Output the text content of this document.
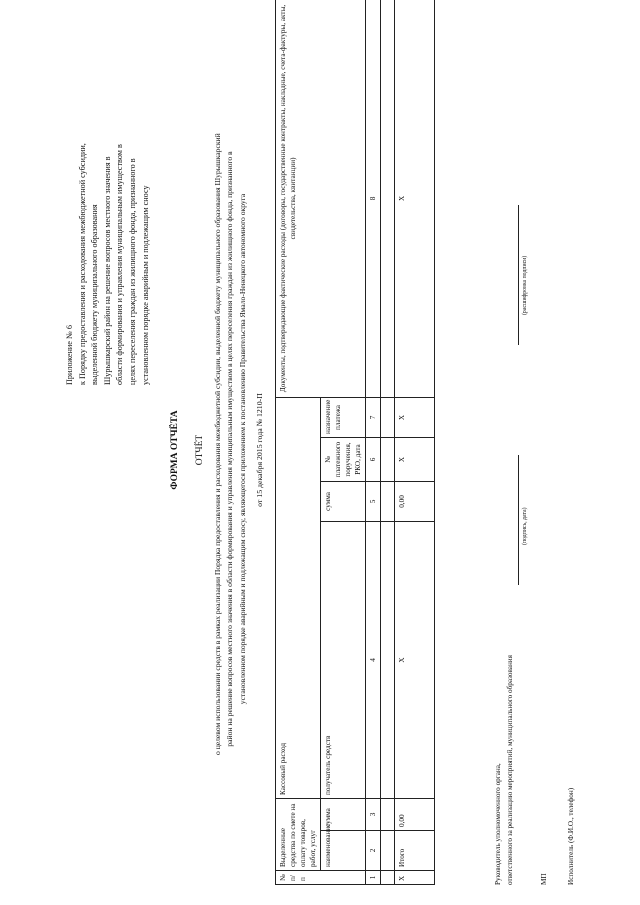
Приложение № 6 к Порядку предоставления и расходования межбюджетной субсидии, выделенной бюджету муниципального образования Шурышкарский район на решение вопросов местного значения в области формирования и управления муниципальным имуществом в целях переселения граждан из жилищного фонда, признанного в установленном порядке аварийным и подлежащим сносу
ФОРМА ОТЧЁТА ОТЧЁТ о целевом использовании средств в рамках реализации Порядка предоставления и расходования межбюджетной субсидии, выделенной бюджету муниципального образования Шурышкарский район на решение вопросов местного значения в области формирования и управления муниципальным имуществом в целях переселения граждан из жилищного фонда, признанного в установленном порядке аварийным и подлежащим сносу, являющегося приложением к постановлению Правительства Ямало-Ненецкого автономного округа	от 15 декабря 2015 года № 1210-П
№ п/п	Выделенные средства по смете на оплату товаров, работ, услуг		Кассовый расход				Документы, подтверждающие фактические расходы (договоры, государственные контракты, накладные, счета-фактуры, акты, свидетельства, квитанции)
	наименование	сумма	получатель средств	сумма	№ платежного поручения, РКО, дата	назначение платежа	
1	2	3	4	5	6	7	8

Х	Итого	0,00	Х	0,00	Х	Х	Х
Руководитель уполномоченного органа, ответственного за реализацию мероприятий, муниципального образования
(подпись, дата)
(расшифровка подписи)
МП	Исполнитель (Ф.И.О., телефон)
